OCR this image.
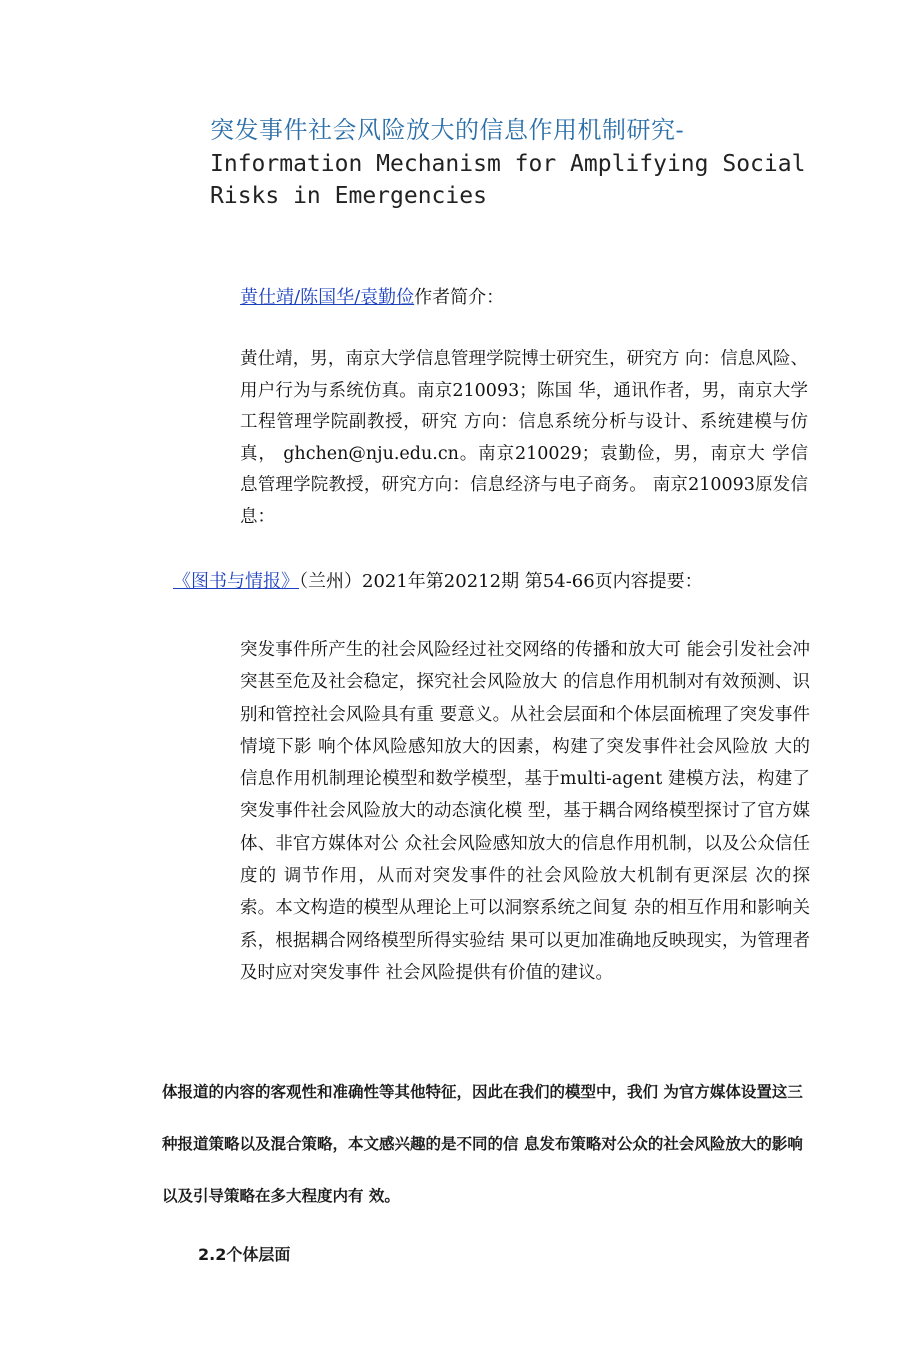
突发事件社会风险放大的信息作用机制研究-
Information Mechanism for Amplifying Social Risks in Emergencies
黄仕靖/陈国华/袁勤俭作者简介：
黄仕靖，男，南京大学信息管理学院博士研究生，研究方 向：信息风险、用户行为与系统仿真。南京210093；陈国 华，通讯作者，男，南京大学工程管理学院副教授，研究 方向：信息系统分析与设计、系统建模与仿真， ghchen@nju.edu.cn。南京210029；袁勤俭，男，南京大 学信息管理学院教授，研究方向：信息经济与电子商务。 南京210093原发信息：
《图书与情报》（兰州）2021年第20212期 第54-66页内容提要：
突发事件所产生的社会风险经过社交网络的传播和放大可 能会引发社会冲突甚至危及社会稳定，探究社会风险放大 的信息作用机制对有效预测、识别和管控社会风险具有重 要意义。从社会层面和个体层面梳理了突发事件情境下影 响个体风险感知放大的因素，构建了突发事件社会风险放 大的信息作用机制理论模型和数学模型，基于multi-agent 建模方法，构建了突发事件社会风险放大的动态演化模 型，基于耦合网络模型探讨了官方媒体、非官方媒体对公 众社会风险感知放大的信息作用机制，以及公众信任度的 调节作用，从而对突发事件的社会风险放大机制有更深层 次的探索。本文构造的模型从理论上可以洞察系统之间复 杂的相互作用和影响关系，根据耦合网络模型所得实验结 果可以更加准确地反映现实，为管理者及时应对突发事件 社会风险提供有价值的建议。
体报道的内容的客观性和准确性等其他特征，因此在我们的模型中，我们 为官方媒体设置这三种报道策略以及混合策略，本文感兴趣的是不同的信 息发布策略对公众的社会风险放大的影响以及引导策略在多大程度内有 效。
2.2个体层面
